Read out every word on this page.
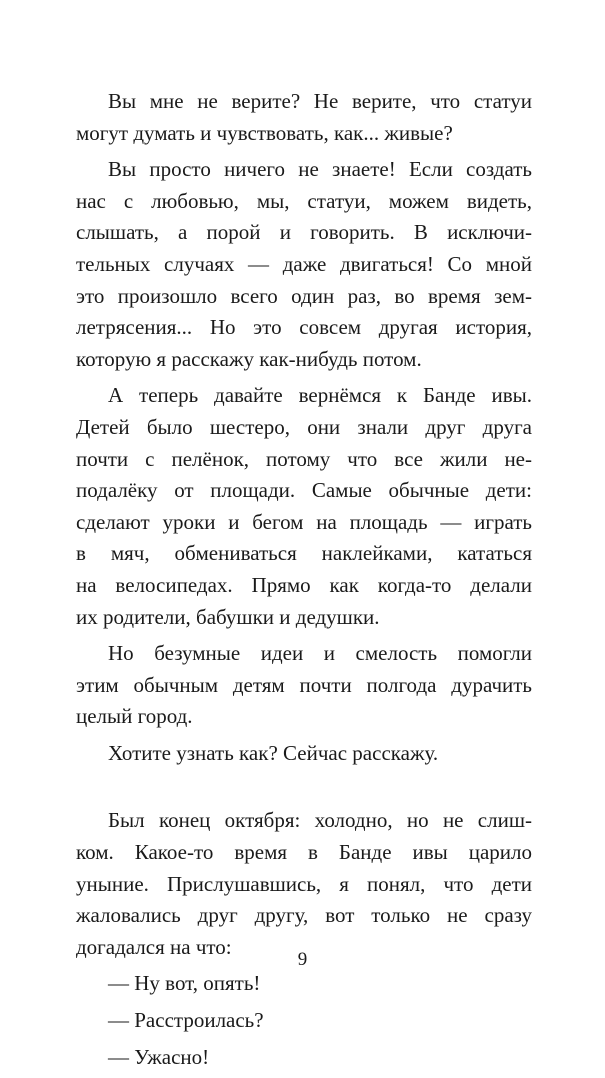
Вы мне не верите? Не верите, что статуи
могут думать и чувствовать, как... живые?
Вы просто ничего не знаете! Если создать
нас с любовью, мы, статуи, можем видеть,
слышать, а порой и говорить. В исключи-
тельных случаях — даже двигаться! Со мной
это произошло всего один раз, во время зем-
летрясения... Но это совсем другая история,
которую я расскажу как-нибудь потом.
А теперь давайте вернёмся к Банде ивы.
Детей было шестеро, они знали друг друга
почти с пелёнок, потому что все жили не-
подалёку от площади. Самые обычные дети:
сделают уроки и бегом на площадь — играть
в мяч, обмениваться наклейками, кататься
на велосипедах. Прямо как когда-то делали
их родители, бабушки и дедушки.
Но безумные идеи и смелость помогли
этим обычным детям почти полгода дурачить
целый город.
Хотите узнать как? Сейчас расскажу.
Был конец октября: холодно, но не слиш-
ком. Какое-то время в Банде ивы царило
уныние. Прислушавшись, я понял, что дети
жаловались друг другу, вот только не сразу
догадался на что:
— Ну вот, опять!
— Расстроилась?
— Ужасно!
9
